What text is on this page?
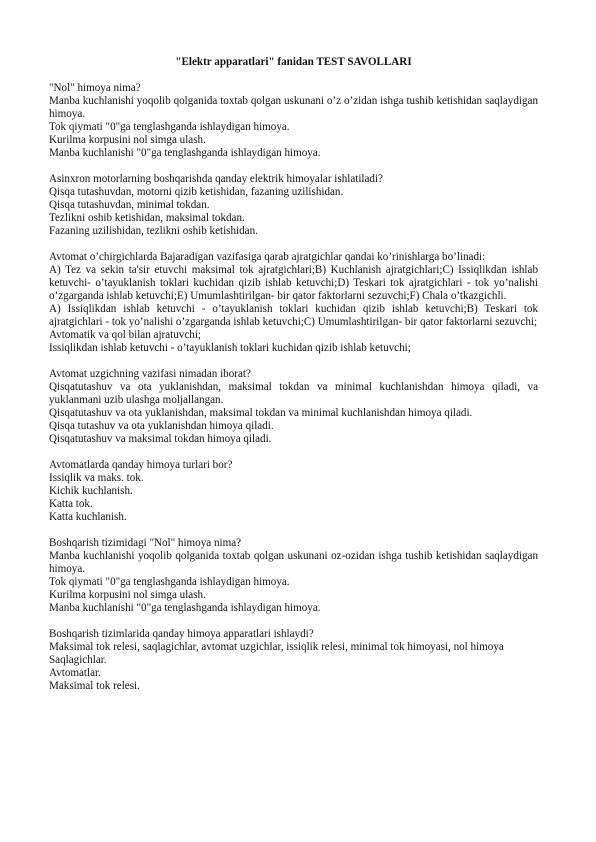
"Elektr apparatlari" fanidan TEST SAVOLLARI

"Nol" himoya nima?

Manba kuchlanishi yoqolib qolganida toxtab qolgan uskunani o’z o’zidan ishga tushib ketishidan saqlaydigan himoya.

Tok qiymati "0"ga tenglashganda ishlaydigan himoya.

Kurilma korpusini nol simga ulash.

Manba kuchlanishi "0"ga tenglashganda ishlaydigan himoya.

Asinxron motorlarning boshqarishda qanday elektrik himoyalar ishlatiladi?

Qisqa tutashuvdan, motorni qizib ketishidan, fazaning uzilishidan.

Qisqa tutashuvdan, minimal tokdan.

Tezlikni oshib ketishidan, maksimal tokdan.

Fazaning uzilishidan, tezlikni oshib ketishidan.

Avtomat o’chirgichlarda Bajaradigan vazifasiga qarab ajratgichlar qandai ko’rinishlarga bo’linadi:

A) Tez va sekin ta'sir etuvchi maksimal tok ajratgichlari;B) Kuchlanish ajratgichlari;C) Issiqlikdan ishlab ketuvchi- o’tayuklanish toklari kuchidan qizib ishlab ketuvchi;D) Teskari tok ajratgichlari - tok yo’nalishi o’zgarganda ishlab ketuvchi;E) Umumlashtirilgan- bir qator faktorlarni sezuvchi;F) Chala o’tkazgichli.

A) Issiqlikdan ishlab ketuvchi - o’tayuklanish toklari kuchidan qizib ishlab ketuvchi;B) Teskari tok ajratgichlari - tok yo’nalishi o’zgarganda ishlab ketuvchi;C) Umumlashtirilgan- bir qator faktorlarni sezuvchi;

Avtomatik va qol bilan ajratuvchi;

Issiqlikdan ishlab ketuvchi - o’tayuklanish toklari kuchidan qizib ishlab ketuvchi;

Avtomat uzgichning vazifasi nimadan iborat?

Qisqatutashuv va ota yuklanishdan, maksimal tokdan va minimal kuchlanishdan himoya qiladi, va yuklanmani uzib ulashga moljallangan.

Qisqatutashuv va ota yuklanishdan, maksimal tokdan va minimal kuchlanishdan himoya qiladi.

Qisqa tutashuv va ota yuklanishdan himoya qiladi.

Qisqatutashuv va maksimal tokdan himoya qiladi.

Avtomatlarda qanday himoya turlari bor?

Issiqlik va maks. tok.

Kichik kuchlanish.

Katta tok.

Katta kuchlanish.

Boshqarish tizimidagi "Nol" himoya nima?

Manba kuchlanishi yoqolib qolganida toxtab qolgan uskunani oz-ozidan ishga tushib ketishidan saqlaydigan himoya.

Tok qiymati "0"ga tenglashganda ishlaydigan himoya.

Kurilma korpusini nol simga ulash.

Manba kuchlanishi "0"ga tenglashganda ishlaydigan himoya.

Boshqarish tizimlarida qanday himoya apparatlari ishlaydi?

Maksimal tok relesi, saqlagichlar, avtomat uzgichlar, issiqlik relesi, minimal tok himoyasi, nol himoya

Saqlagichlar.

Avtomatlar.

Maksimal tok relesi.
